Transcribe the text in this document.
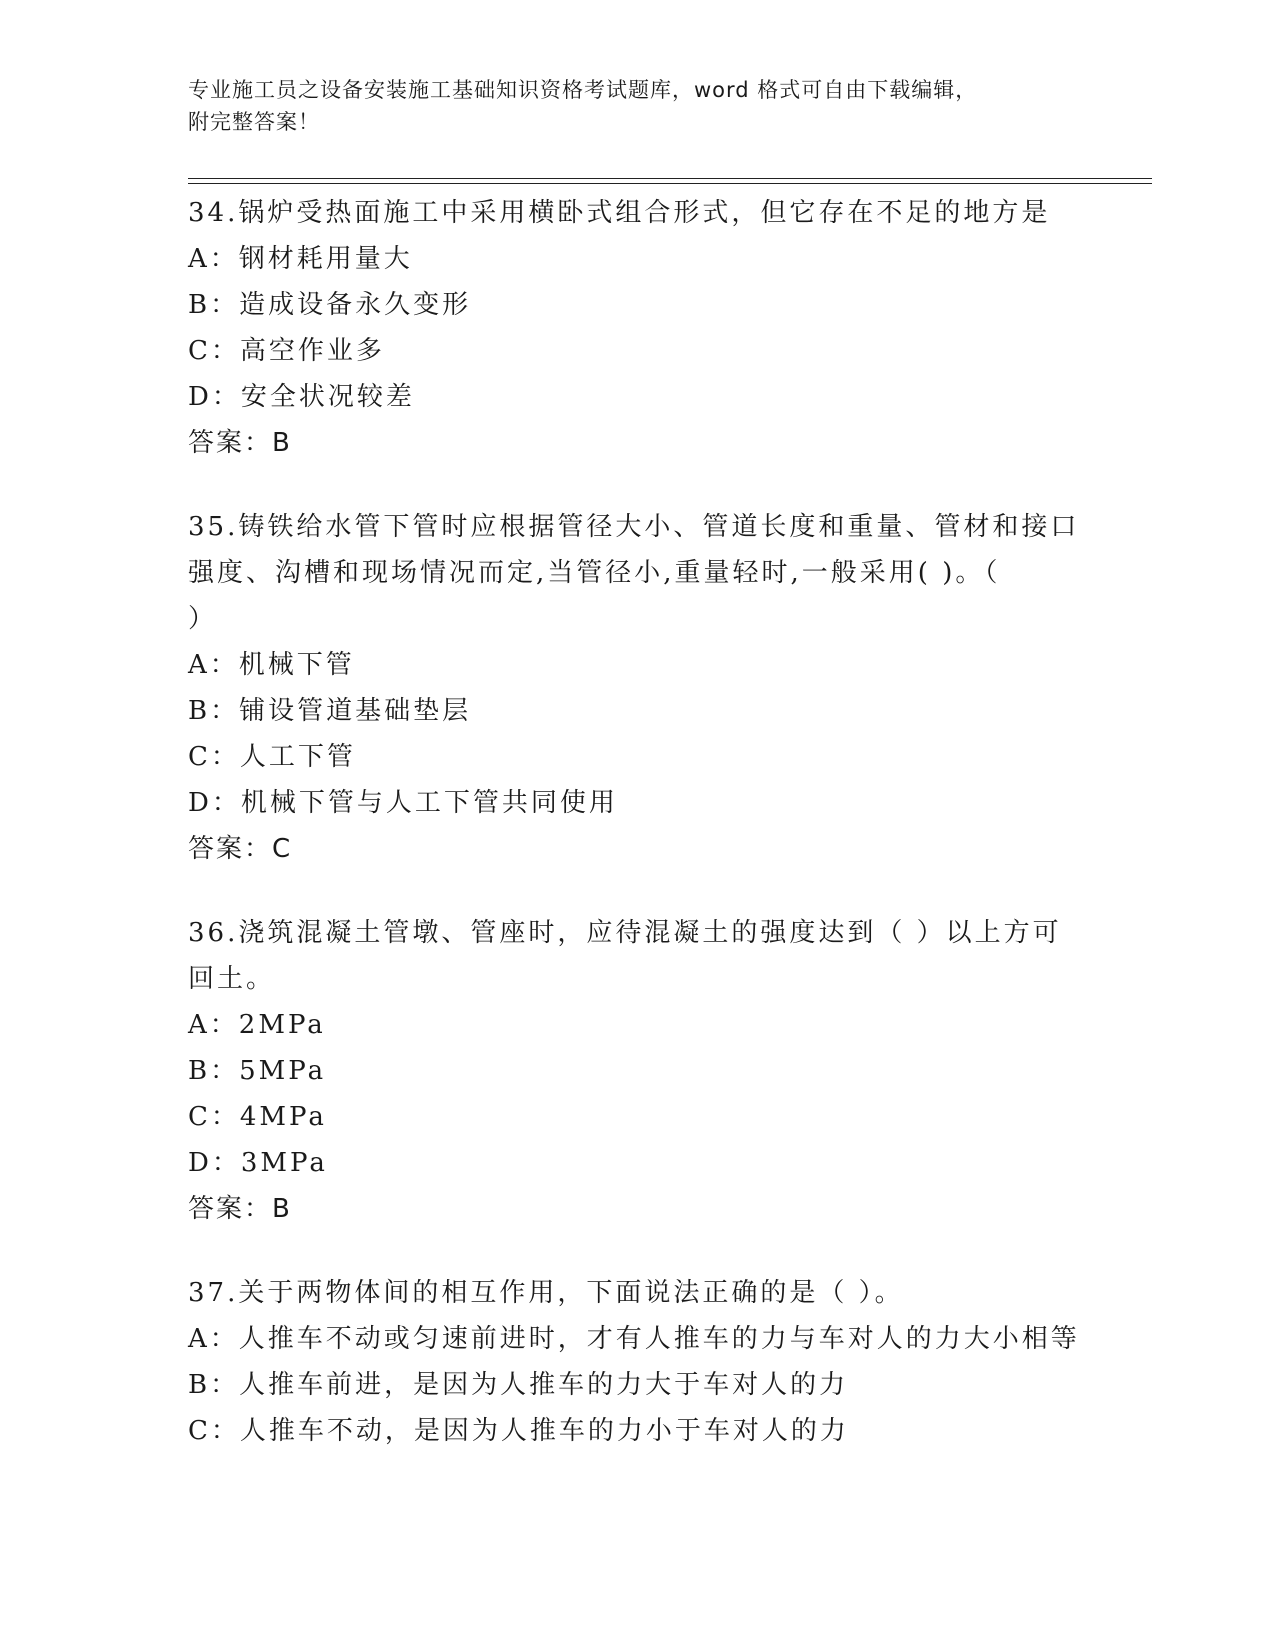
专业施工员之设备安装施工基础知识资格考试题库，word 格式可自由下载编辑，
附完整答案！
34.锅炉受热面施工中采用横卧式组合形式，但它存在不足的地方是
A：钢材耗用量大
B：造成设备永久变形
C：高空作业多
D：安全状况较差
答案：B
35.铸铁给水管下管时应根据管径大小、管道长度和重量、管材和接口
强度、沟槽和现场情况而定,当管径小,重量轻时,一般采用( )。（
）
A：机械下管
B：铺设管道基础垫层
C：人工下管
D：机械下管与人工下管共同使用
答案：C
36.浇筑混凝土管墩、管座时，应待混凝土的强度达到（ ）以上方可
回土。
A：2MPa
B：5MPa
C：4MPa
D：3MPa
答案：B
37.关于两物体间的相互作用，下面说法正确的是（ ）。
A：人推车不动或匀速前进时，才有人推车的力与车对人的力大小相等
B：人推车前进，是因为人推车的力大于车对人的力
C：人推车不动，是因为人推车的力小于车对人的力
